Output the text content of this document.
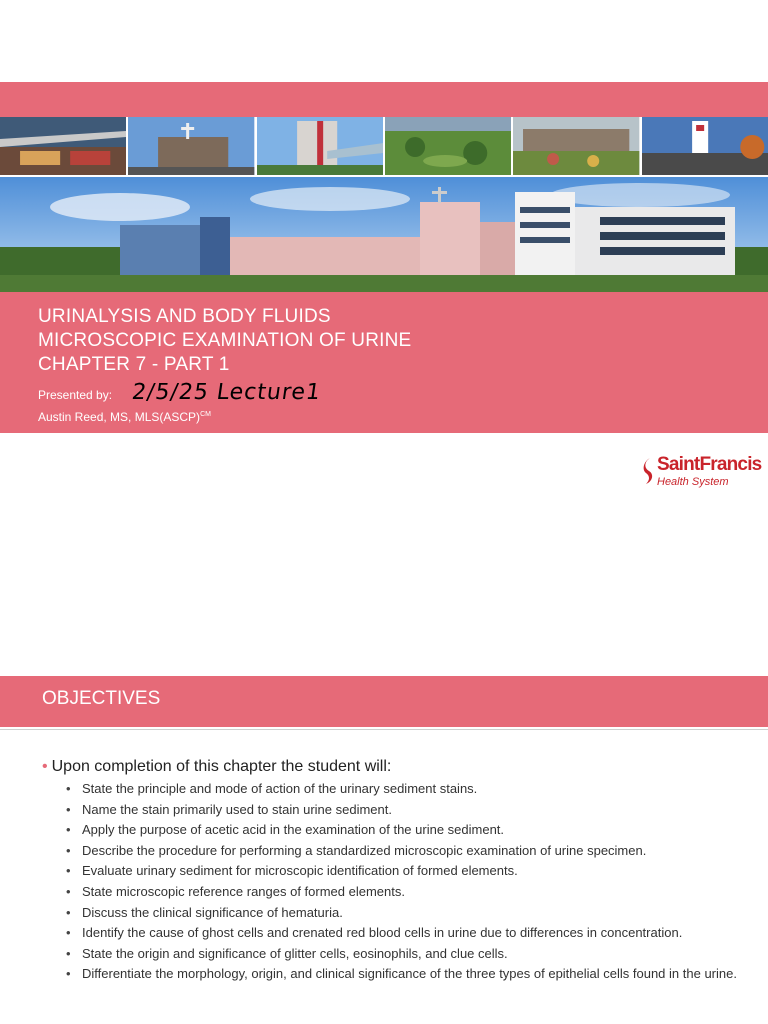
URINALYSIS AND BODY FLUIDS
MICROSCOPIC EXAMINATION OF URINE
CHAPTER 7 - PART 1
Presented by: 2/5/25 Lecture1
Austin Reed, MS, MLS(ASCP)$^{CM}$
SaintFrancis
Health System
OBJECTIVES
• Upon completion of this chapter the student will:
• State the principle and mode of action of the urinary sediment stains.
• Name the stain primarily used to stain urine sediment.
• Apply the purpose of acetic acid in the examination of the urine sediment.
• Describe the procedure for performing a standardized microscopic examination of urine specimen.
• Evaluate urinary sediment for microscopic identification of formed elements.
• State microscopic reference ranges of formed elements.
• Discuss the clinical significance of hematuria.
• Identify the cause of ghost cells and crenated red blood cells in urine due to differences in concentration.
• State the origin and significance of glitter cells, eosinophils, and clue cells.
• Differentiate the morphology, origin, and clinical significance of the three types of epithelial cells found in the urine.
